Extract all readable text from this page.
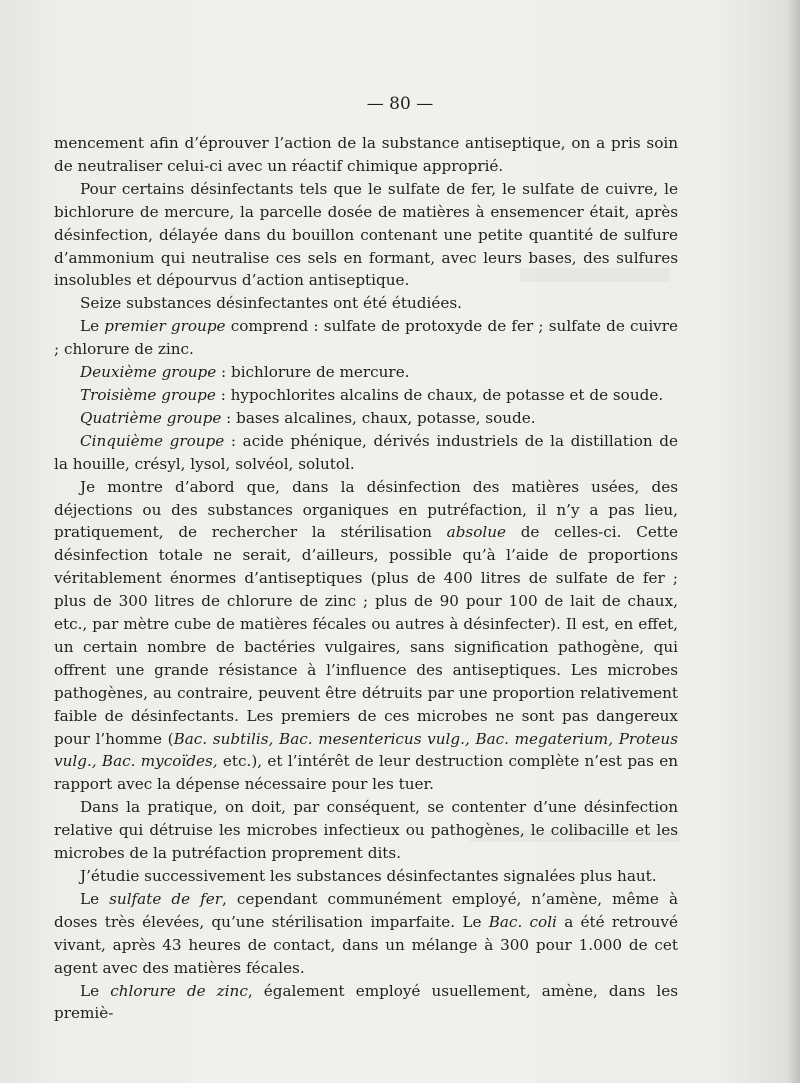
— 80 —

mencement afin d’éprouver l’action de la substance antiseptique, on a pris soin de neutraliser celui-ci avec un réactif chimique approprié.

Pour certains désinfectants tels que le sulfate de fer, le sulfate de cuivre, le bichlorure de mercure, la parcelle dosée de matières à ensemencer était, après désinfection, délayée dans du bouillon contenant une petite quantité de sulfure d’ammonium qui neutralise ces sels en formant, avec leurs bases, des sulfures insolubles et dépourvus d’action antiseptique.

Seize substances désinfectantes ont été étudiées.

Le premier groupe comprend : sulfate de protoxyde de fer ; sulfate de cuivre ; chlorure de zinc.

Deuxième groupe : bichlorure de mercure.

Troisième groupe : hypochlorites alcalins de chaux, de potasse et de soude.

Quatrième groupe : bases alcalines, chaux, potasse, soude.

Cinquième groupe : acide phénique, dérivés industriels de la distillation de la houille, crésyl, lysol, solvéol, solutol.

Je montre d’abord que, dans la désinfection des matières usées, des déjections ou des substances organiques en putréfaction, il n’y a pas lieu, pratiquement, de rechercher la stérilisation absolue de celles-ci. Cette désinfection totale ne serait, d’ailleurs, possible qu’à l’aide de proportions véritablement énormes d’antiseptiques (plus de 400 litres de sulfate de fer ; plus de 300 litres de chlorure de zinc ; plus de 90 pour 100 de lait de chaux, etc., par mètre cube de matières fécales ou autres à désinfecter). Il est, en effet, un certain nombre de bactéries vulgaires, sans signification pathogène, qui offrent une grande résistance à l’influence des antiseptiques. Les microbes pathogènes, au contraire, peuvent être détruits par une proportion relativement faible de désinfectants. Les premiers de ces microbes ne sont pas dangereux pour l’homme (Bac. subtilis, Bac. mesentericus vulg., Bac. megaterium, Proteus vulg., Bac. mycoïdes, etc.), et l’intérêt de leur destruction complète n’est pas en rapport avec la dépense nécessaire pour les tuer.

Dans la pratique, on doit, par conséquent, se contenter d’une désinfection relative qui détruise les microbes infectieux ou pathogènes, le colibacille et les microbes de la putréfaction proprement dits.

J’étudie successivement les substances désinfectantes signalées plus haut.

Le sulfate de fer, cependant communément employé, n’amène, même à doses très élevées, qu’une stérilisation imparfaite. Le Bac. coli a été retrouvé vivant, après 43 heures de contact, dans un mélange à 300 pour 1.000 de cet agent avec des matières fécales.

Le chlorure de zinc, également employé usuellement, amène, dans les premiè-
